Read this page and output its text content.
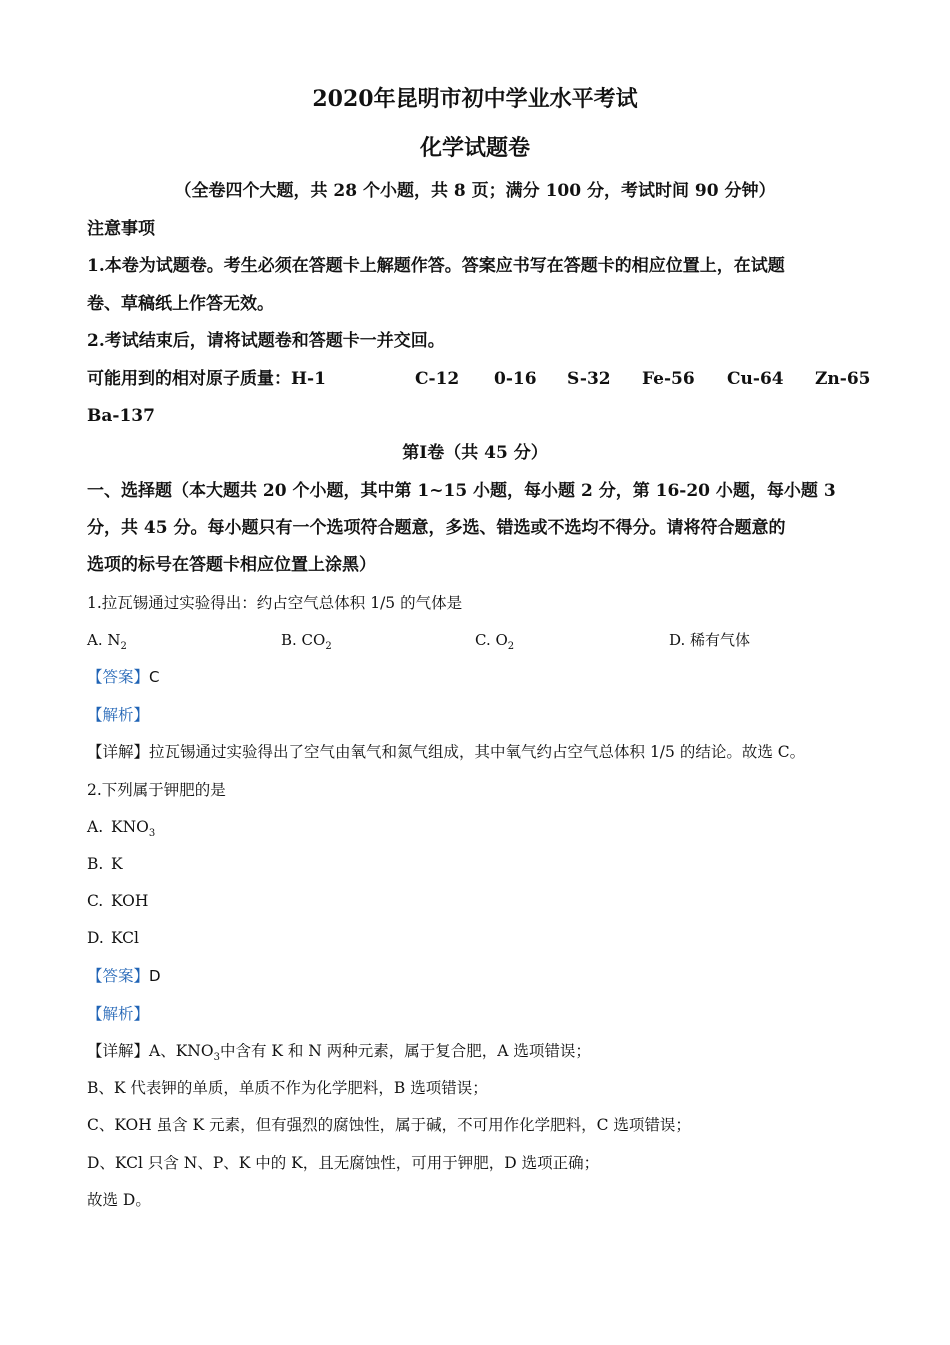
2020年昆明市初中学业水平考试
化学试题卷
（全卷四个大题，共 28 个小题，共 8 页；满分 100 分，考试时间 90 分钟）
注意事项
1.本卷为试题卷。考生必须在答题卡上解题作答。答案应书写在答题卡的相应位置上，在试题
卷、草稿纸上作答无效。
2.考试结束后，请将试题卷和答题卡一并交回。
可能用到的相对原子质量：H-1	C-12 0-16 S-32 Fe-56 Cu-64 Zn-65
Ba-137
第Ⅰ卷（共 45 分）
一、选择题（本大题共 20 个小题，其中第 1~15 小题，每小题 2 分，第 16-20 小题，每小题 3
分，共 45 分。每小题只有一个选项符合题意，多选、错选或不选均不得分。请将符合题意的
选项的标号在答题卡相应位置上涂黑）
1.拉瓦锡通过实验得出：约占空气总体积 1/5 的气体是
A. $N_2$	B. $CO_2$	C. $O_2$	D. 稀有气体
【答案】C
【解析】
【详解】拉瓦锡通过实验得出了空气由氧气和氮气组成，其中氧气约占空气总体积 1/5 的结论。故选 C。
2.下列属于钾肥的是
A. $KNO_3$
B. K
C. KOH
D. KCl
【答案】D
【解析】
【详解】A、$KNO_3$中含有 K 和 N 两种元素，属于复合肥，A 选项错误；
B、K 代表钾的单质，单质不作为化学肥料，B 选项错误；
C、KOH 虽含 K 元素，但有强烈的腐蚀性，属于碱，不可用作化学肥料，C 选项错误；
D、KCl 只含 N、P、K 中的 K，且无腐蚀性，可用于钾肥，D 选项正确；
故选 D。
